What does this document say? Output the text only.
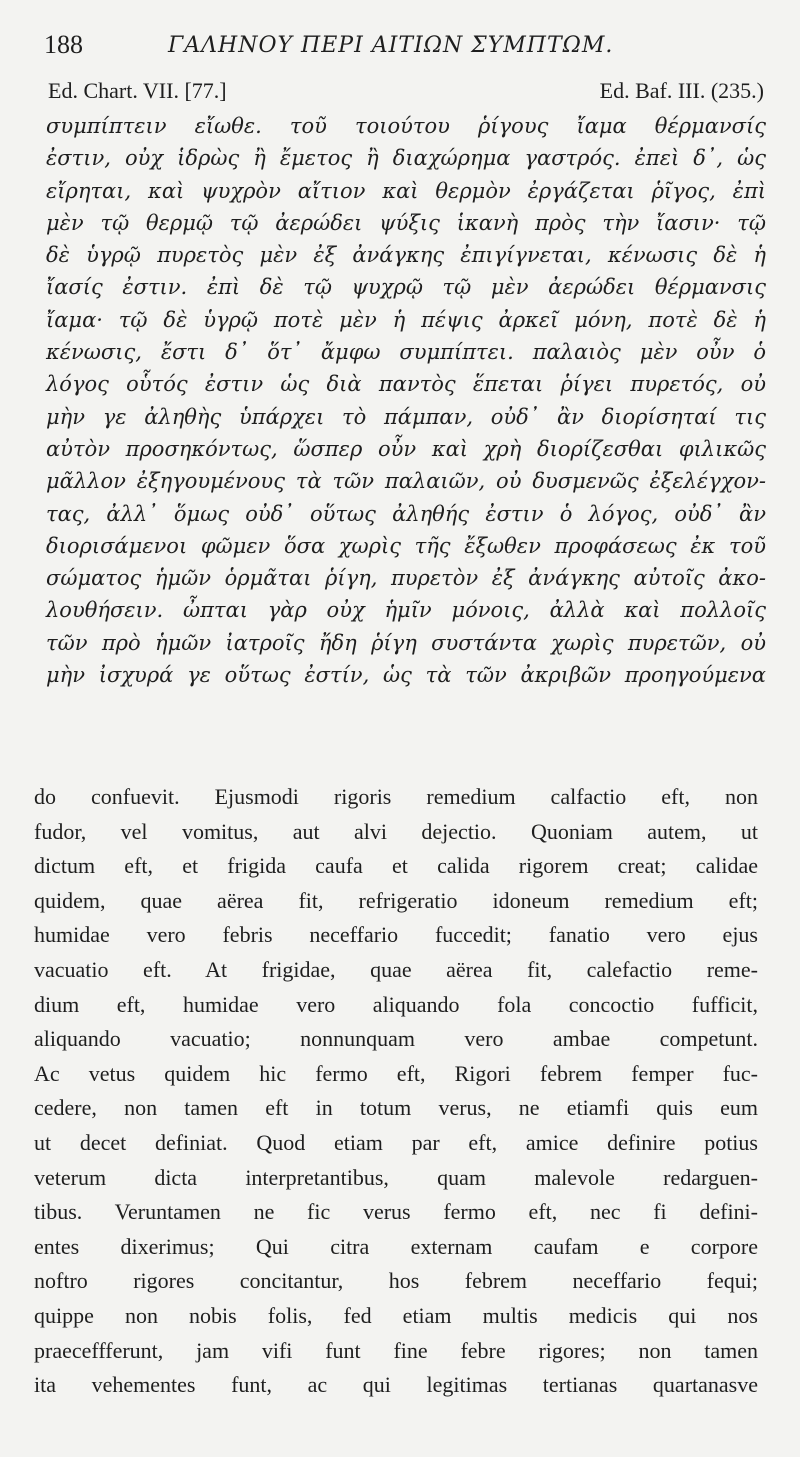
188	ΓΑΛΗΝΟΥ ΠΕΡΙ ΑΙΤΙΩΝ ΣΥΜΠΤΩΜ.
Ed. Chart. VII. [77.]	Ed. Baf. III. (235.)
συμπίπτειν εἴωθε. τοῦ τοιούτου ῥίγους ἴαμα θέρμανσίς
ἐστιν, οὐχ ἱδρὼς ἢ ἔμετος ἢ διαχώρημα γαστρός. ἐπεὶ δ᾽, ὡς
εἴρηται, καὶ ψυχρὸν αἴτιον καὶ θερμὸν ἐργάζεται ῥῖγος, ἐπὶ
μὲν τῷ θερμῷ τῷ ἀερώδει ψύξις ἱκανὴ πρὸς τὴν ἴασιν· τῷ
δὲ ὑγρῷ πυρετὸς μὲν ἐξ ἀνάγκης ἐπιγίγνεται, κένωσις δὲ ἡ
ἴασίς ἐστιν. ἐπὶ δὲ τῷ ψυχρῷ τῷ μὲν ἀερώδει θέρμανσις
ἴαμα· τῷ δὲ ὑγρῷ ποτὲ μὲν ἡ πέψις ἀρκεῖ μόνη, ποτὲ δὲ ἡ
κένωσις, ἔστι δ᾽ ὅτ᾽ ἄμφω συμπίπτει. παλαιὸς μὲν οὖν ὁ
λόγος οὗτός ἐστιν ὡς διὰ παντὸς ἕπεται ῥίγει πυρετός, οὐ
μὴν γε ἀληθὴς ὑπάρχει τὸ πάμπαν, οὐδ᾽ ἂν διορίσηταί τις
αὐτὸν προσηκόντως, ὥσπερ οὖν καὶ χρὴ διορίζεσθαι φιλικῶς
μᾶλλον ἐξηγουμένους τὰ τῶν παλαιῶν, οὐ δυσμενῶς ἐξελέγχον-
τας, ἀλλ᾽ ὅμως οὐδ᾽ οὕτως ἀληθής ἐστιν ὁ λόγος, οὐδ᾽ ἂν
διορισάμενοι φῶμεν ὅσα χωρὶς τῆς ἔξωθεν προφάσεως ἐκ τοῦ
σώματος ἡμῶν ὁρμᾶται ῥίγη, πυρετὸν ἐξ ἀνάγκης αὐτοῖς ἀκο-
λουθήσειν. ὦπται γὰρ οὐχ ἡμῖν μόνοις, ἀλλὰ καὶ πολλοῖς
τῶν πρὸ ἡμῶν ἰατροῖς ἤδη ῥίγη συστάντα χωρὶς πυρετῶν, οὐ
μὴν ἰσχυρά γε οὕτως ἐστίν, ὡς τὰ τῶν ἀκριβῶν προηγούμενα
do confuevit. Ejusmodi rigoris remedium calfactio eft, non
fudor, vel vomitus, aut alvi dejectio. Quoniam autem, ut
dictum eft, et frigida caufa et calida rigorem creat; calidae
quidem, quae aërea fit, refrigeratio idoneum remedium eft;
humidae vero febris neceffario fuccedit; fanatio vero ejus
vacuatio eft. At frigidae, quae aërea fit, calefactio reme-
dium eft, humidae vero aliquando fola concoctio fufficit,
aliquando vacuatio; nonnunquam vero ambae competunt.
Ac vetus quidem hic fermo eft, Rigori febrem femper fuc-
cedere, non tamen eft in totum verus, ne etiamfi quis eum
ut decet definiat. Quod etiam par eft, amice definire potius
veterum dicta interpretantibus, quam malevole redarguen-
tibus. Veruntamen ne fic verus fermo eft, nec fi defini-
entes dixerimus; Qui citra externam caufam e corpore
noftro rigores concitantur, hos febrem neceffario fequi;
quippe non nobis folis, fed etiam multis medicis qui nos
praeceffferunt, jam vifi funt fine febre rigores; non tamen
ita vehementes funt, ac qui legitimas tertianas quartanasve
